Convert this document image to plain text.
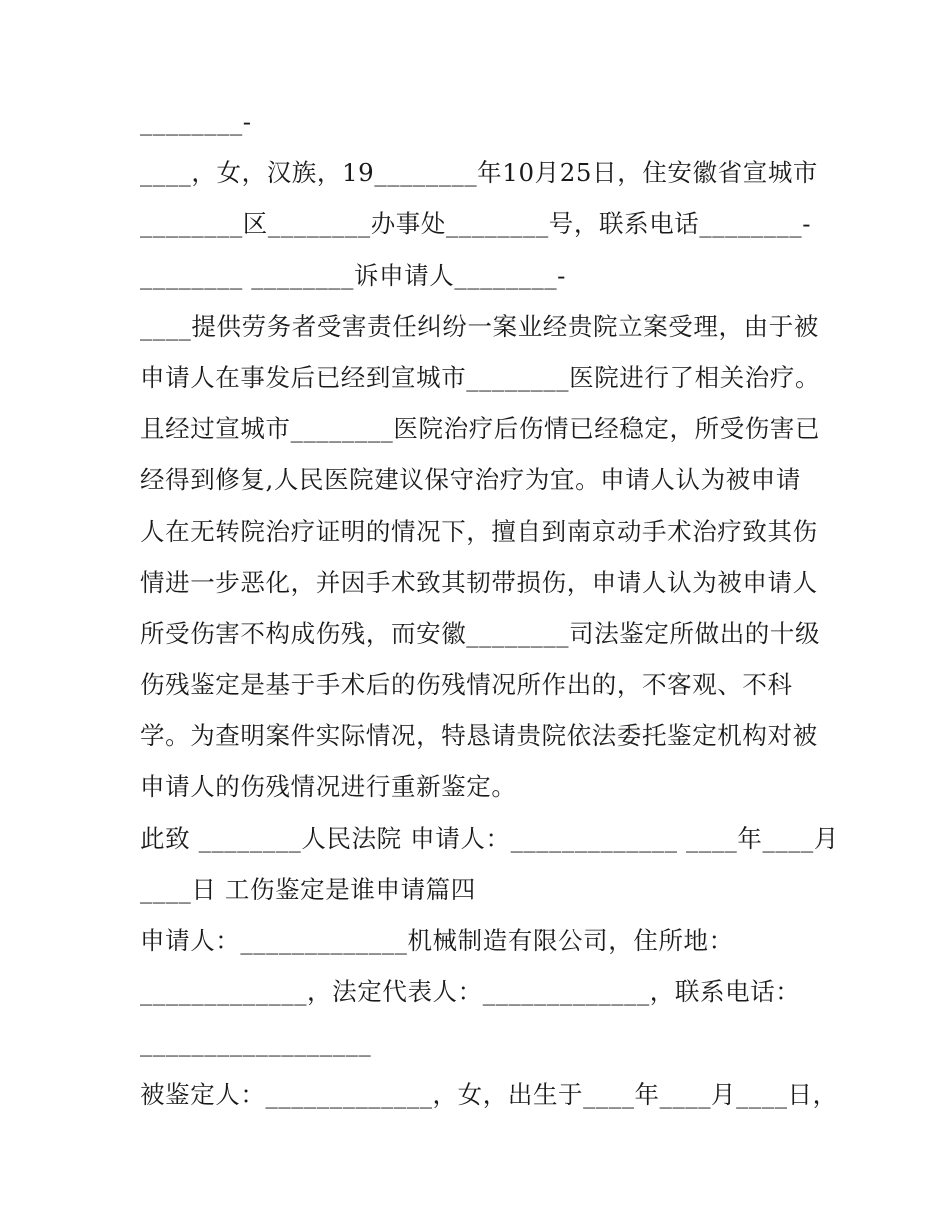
________-
____，女，汉族，19________年10月25日，住安徽省宣城市
________区________办事处________号，联系电话________-
________ ________诉申请人________-
____提供劳务者受害责任纠纷一案业经贵院立案受理，由于被
申请人在事发后已经到宣城市________医院进行了相关治疗。
且经过宣城市________医院治疗后伤情已经稳定，所受伤害已
经得到修复,人民医院建议保守治疗为宜。申请人认为被申请
人在无转院治疗证明的情况下，擅自到南京动手术治疗致其伤
情进一步恶化，并因手术致其韧带损伤，申请人认为被申请人
所受伤害不构成伤残，而安徽________司法鉴定所做出的十级
伤残鉴定是基于手术后的伤残情况所作出的，不客观、不科
学。为查明案件实际情况，特恳请贵院依法委托鉴定机构对被
申请人的伤残情况进行重新鉴定。
此致 ________人民法院 申请人：_____________ ____年____月
____日 工伤鉴定是谁申请篇四
申请人：_____________机械制造有限公司，住所地：
_____________，法定代表人：_____________，联系电话：
__________________
被鉴定人：_____________，女，出生于____年____月____日，
